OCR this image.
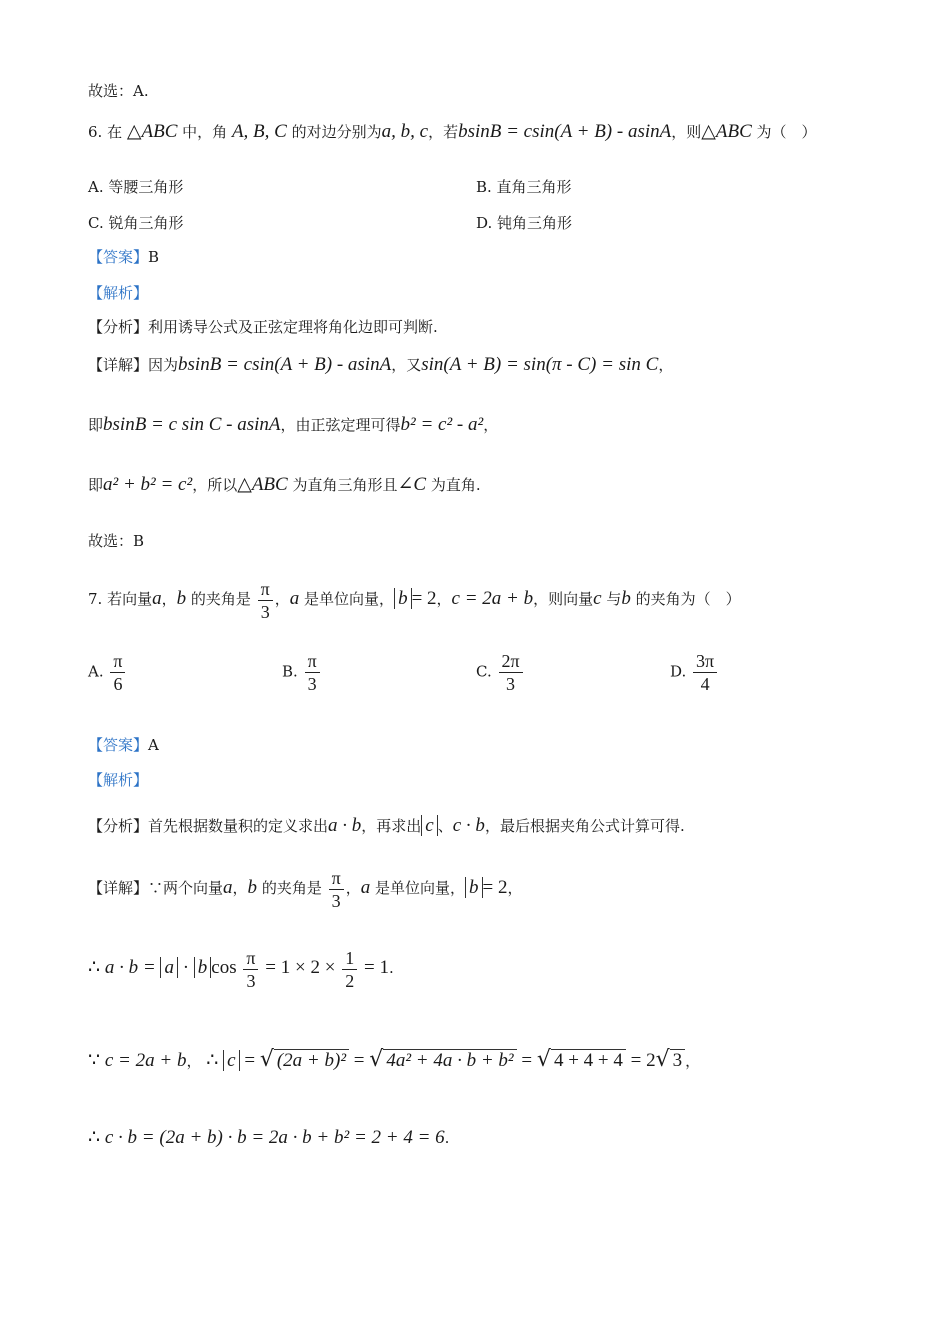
故选：A.
6. 在 △ABC 中，角 A, B, C 的对边分别为a, b, c，若bsinB = csin(A + B) - asinA，则△ABC 为（　）
A. 等腰三角形	B. 直角三角形
C. 锐角三角形	D. 钝角三角形
【答案】B
【解析】
【分析】利用诱导公式及正弦定理将角化边即可判断.
【详解】因为bsinB = csin(A + B) - asinA，又sin(A + B) = sin(π - C) = sin C，
即bsinB = c sin C - asinA，由正弦定理可得b² = c² - a²，
即a² + b² = c²，所以△ABC 为直角三角形且∠C 为直角.
故选：B
7. 若向量a，b 的夹角是 $\frac{\pi}{3}$ ，a 是单位向量， b = 2，c = 2a + b，则向量c 与b 的夹角为（　）
A. $\frac{\pi}{6}$	B. $\frac{\pi}{3}$	C. $\frac{2\pi}{3}$	D. $\frac{3\pi}{4}$
【答案】A
【解析】
【分析】首先根据数量积的定义求出a · b，再求出 c 、c · b，最后根据夹角公式计算可得.
【详解】∵两个向量a，b 的夹角是 $\frac{\pi}{3}$ ，a 是单位向量， b = 2，
∴ a · b = a · b $\cos \frac{\pi}{3} = 1 \times 2 \times \frac{1}{2} = 1$.
∵ c = 2a + b， ∴ c = √ (2a + b)² = √ 4a² + 4a · b + b² = √ 4 + 4 + 4 = 2√ 3 ，
∴ c · b = (2a + b) · b = 2a · b + b² = 2 + 4 = 6.
